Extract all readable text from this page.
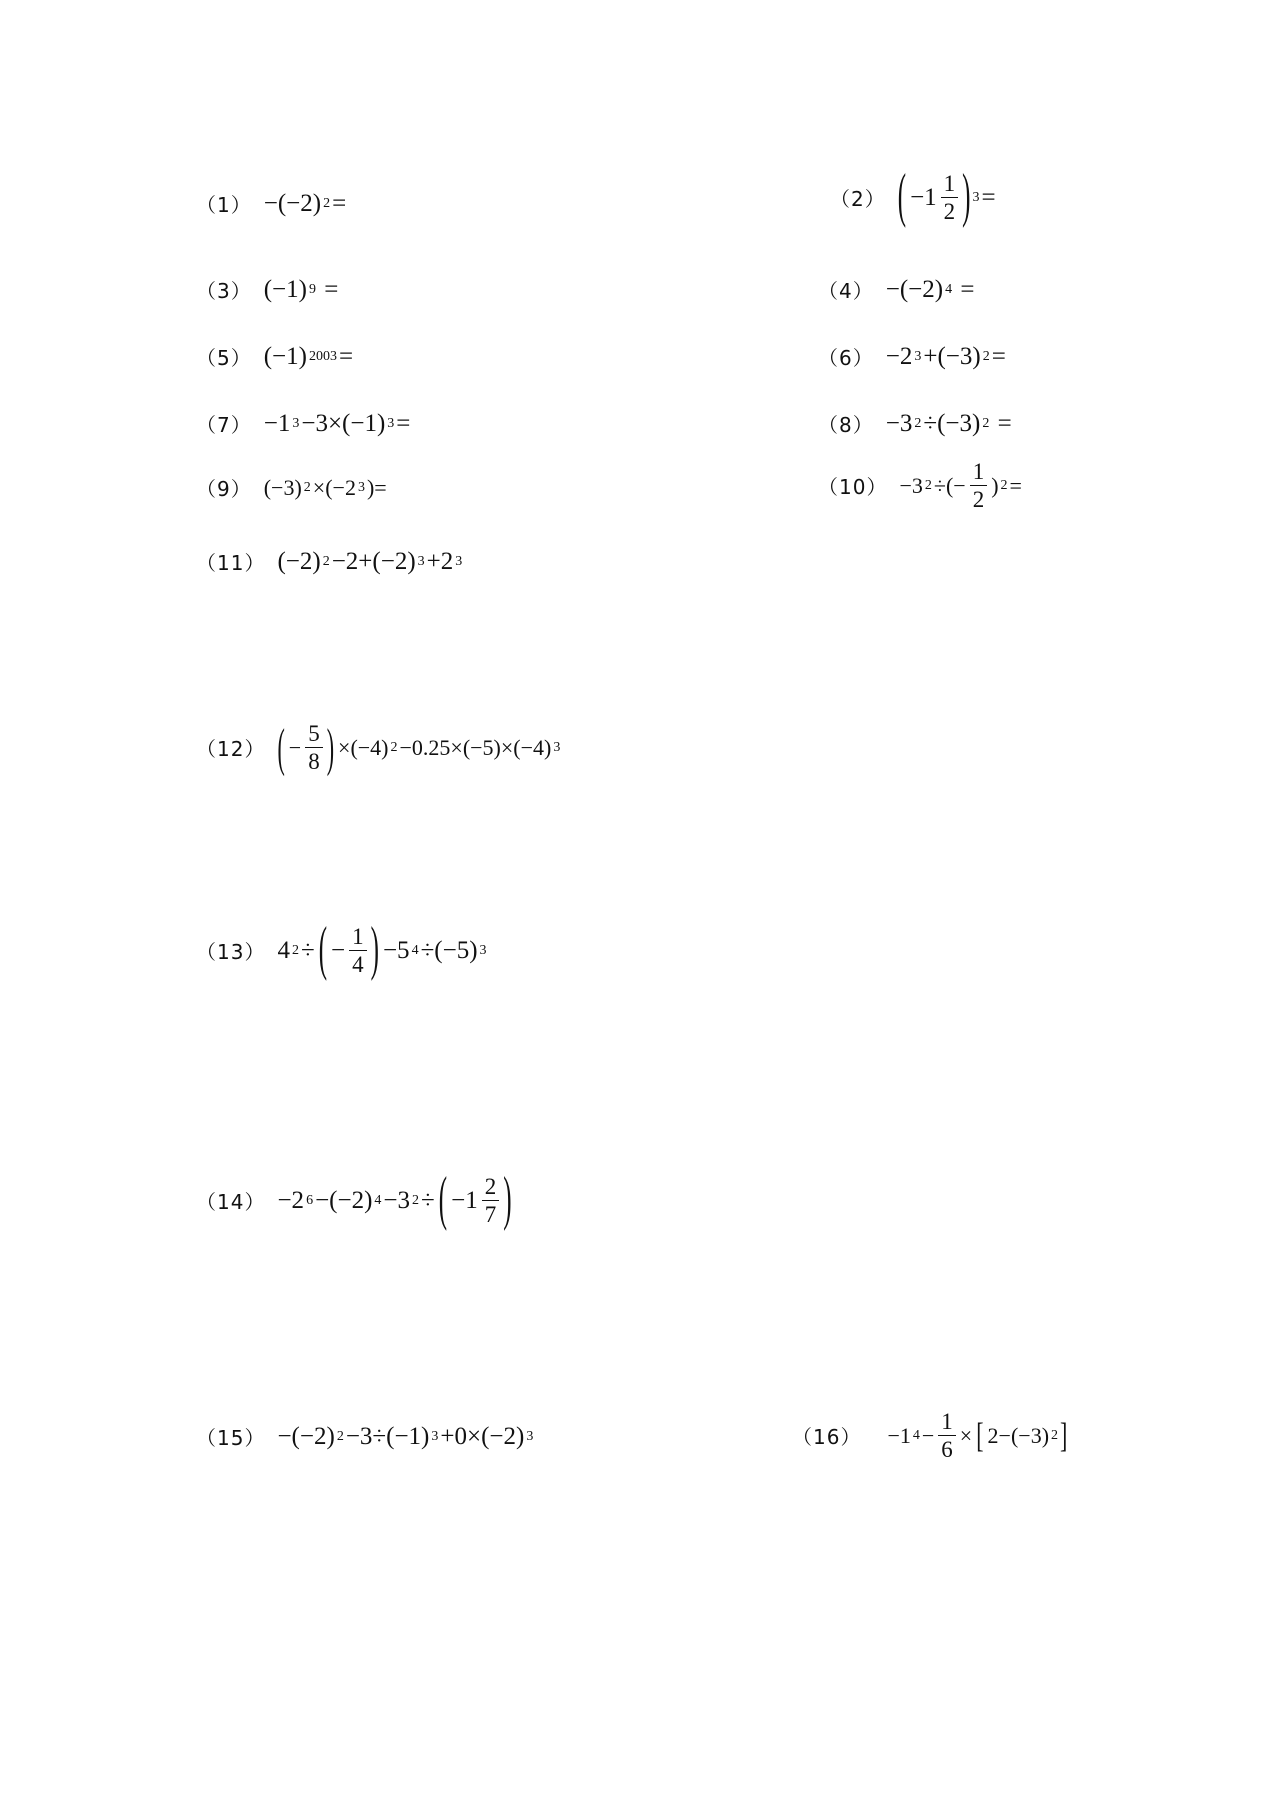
（1） −(−2) 2 =	（2） ( $-1 \frac{1}{2}$ ) 3 =
（3） (−1) 9 =	（4） −(−2) 4 =
（5） (−1) 2003 =	（6） −2 3 +(−3) 2 =
（7） −1 3 −3×(−1) 3 =	（8） −3 2 ÷(−3) 2 =
（9） (−3) 2 ×(−2 3 )=	（10） −3 2 ÷(− $\frac{1}{2}$ ) 2 =
（11） (−2) 2 −2+(−2) 3 +2 3
（12） ( − $\frac{5}{8}$ ) ×(−4) 2 −0.25×(−5)×(−4) 3
（13） 4 2 ÷ ( − $\frac{1}{4}$ ) −5 4 ÷(−5) 3
（14） −2 6 −(−2) 4 −3 2 ÷ ( $-1 \frac{2}{7}$ )
（15） −(−2) 2 −3÷(−1) 3 +0×(−2) 3	（16） −1 $4 - \frac{1}{6}$ × [ 2−(−3) 2 ]
